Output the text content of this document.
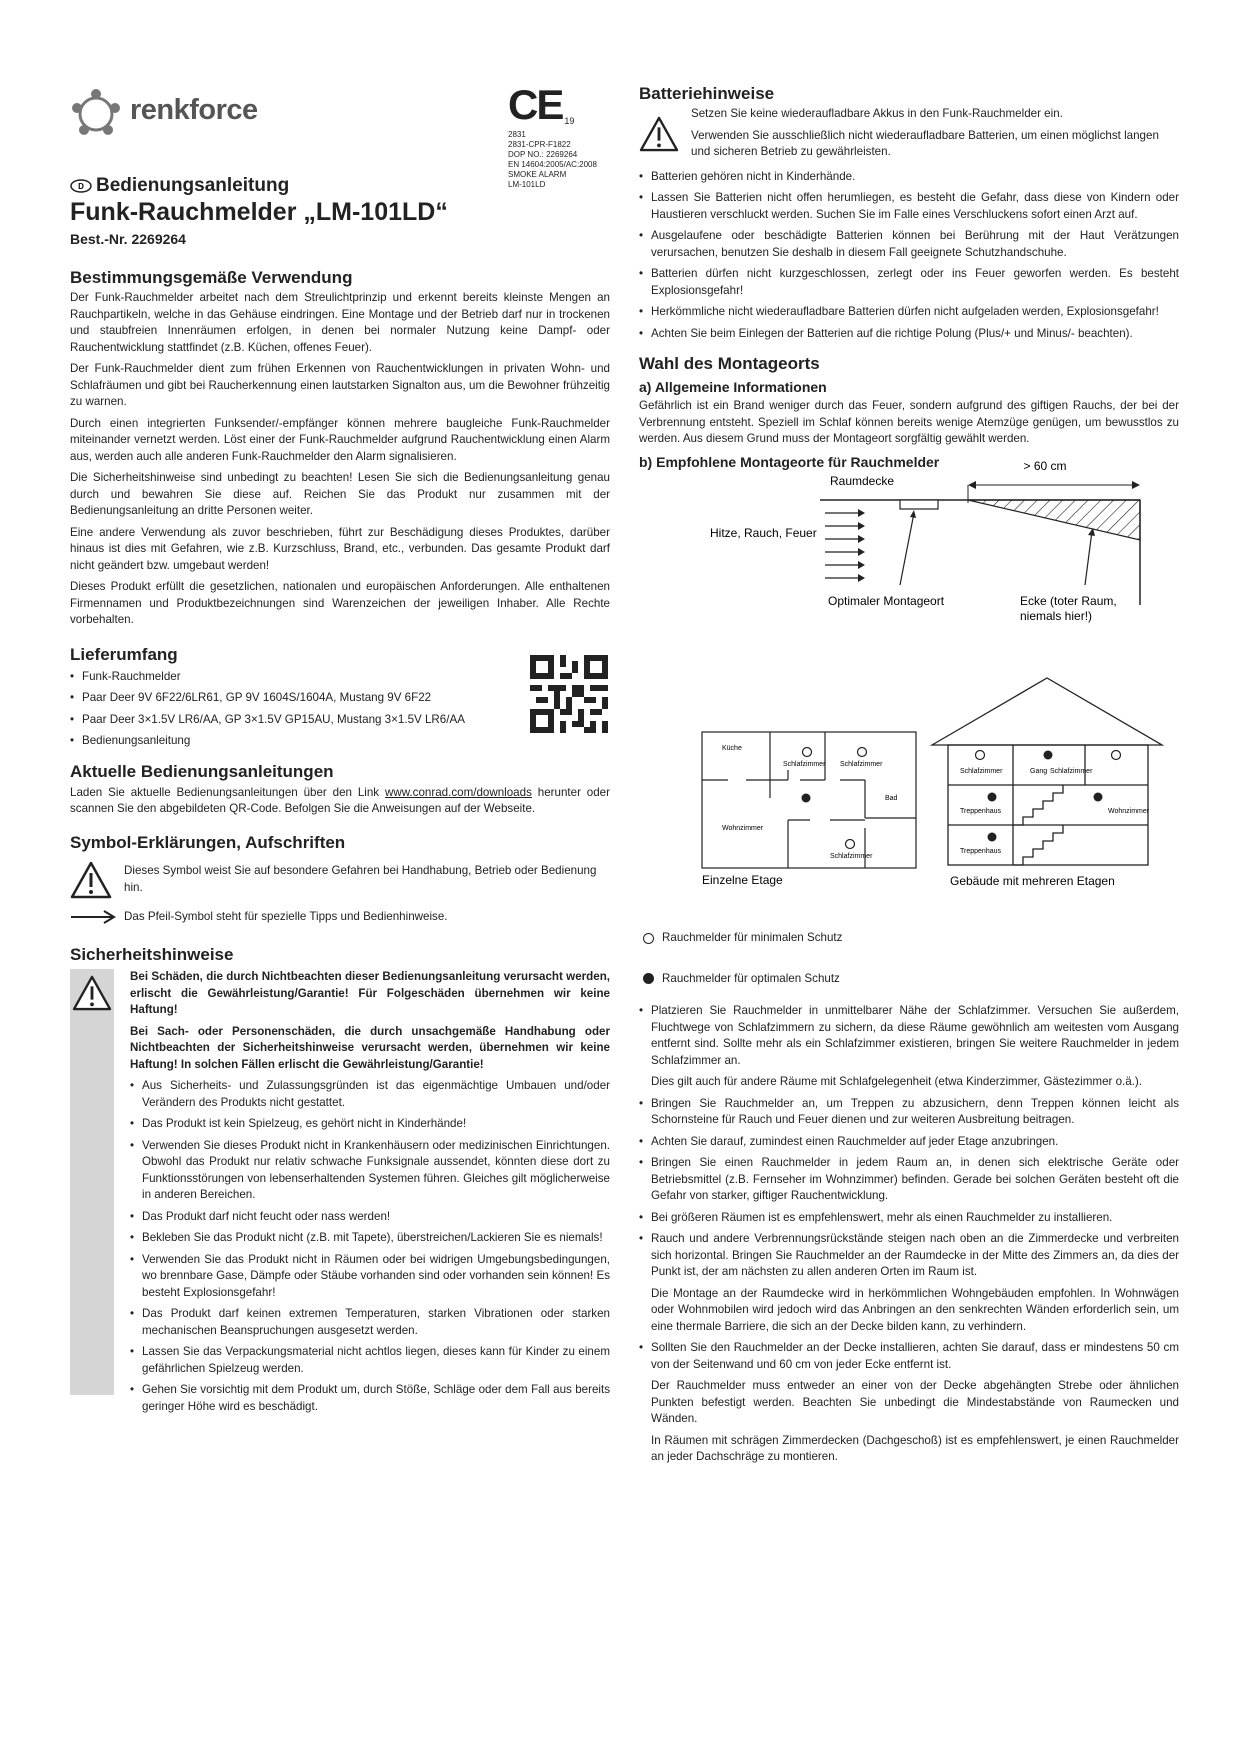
renkforce	CE 19
2831
2831-CPR-F1822
DOP NO.: 2269264
EN 14604:2005/AC:2008
SMOKE ALARM
LM-101LD
D Bedienungsanleitung
Funk-Rauchmelder „LM-101LD“
Best.-Nr. 2269264
Bestimmungsgemäße Verwendung

Der Funk-Rauchmelder arbeitet nach dem Streulichtprinzip und erkennt bereits kleinste Mengen an Rauchpartikeln, welche in das Gehäuse eindringen. Eine Montage und der Betrieb darf nur in trockenen und staubfreien Innenräumen erfolgen, in denen bei normaler Nutzung keine Dampf- oder Rauchentwicklung stattfindet (z.B. Küchen, offenes Feuer).

Der Funk-Rauchmelder dient zum frühen Erkennen von Rauchentwicklungen in privaten Wohn- und Schlafräumen und gibt bei Raucherkennung einen lautstarken Signalton aus, um die Bewohner frühzeitig zu warnen.

Durch einen integrierten Funksender/-empfänger können mehrere baugleiche Funk-Rauchmelder miteinander vernetzt werden. Löst einer der Funk-Rauchmelder aufgrund Rauchentwicklung einen Alarm aus, werden auch alle anderen Funk-Rauchmelder den Alarm signalisieren.

Die Sicherheitshinweise sind unbedingt zu beachten! Lesen Sie sich die Bedienungsanleitung genau durch und bewahren Sie diese auf. Reichen Sie das Produkt nur zusammen mit der Bedienungsanleitung an dritte Personen weiter.

Eine andere Verwendung als zuvor beschrieben, führt zur Beschädigung dieses Produktes, darüber hinaus ist dies mit Gefahren, wie z.B. Kurzschluss, Brand, etc., verbunden. Das gesamte Produkt darf nicht geändert bzw. umgebaut werden!

Dieses Produkt erfüllt die gesetzlichen, nationalen und europäischen Anforderungen. Alle enthaltenen Firmennamen und Produktbezeichnungen sind Warenzeichen der jeweiligen Inhaber. Alle Rechte vorbehalten.

Lieferumfang
• Funk-Rauchmelder
• Paar Deer 9V 6F22/6LR61, GP 9V 1604S/1604A, Mustang 9V 6F22
• Paar Deer 3×1.5V LR6/AA, GP 3×1.5V GP15AU, Mustang 3×1.5V LR6/AA
• Bedienungsanleitung
Aktuelle Bedienungsanleitungen

Laden Sie aktuelle Bedienungsanleitungen über den Link www.conrad.com/downloads herunter oder scannen Sie den abgebildeten QR-Code. Befolgen Sie die Anweisungen auf der Webseite.

Symbol-Erklärungen, Aufschriften
Dieses Symbol weist Sie auf besondere Gefahren bei Handhabung, Betrieb oder Bedienung hin.
Das Pfeil-Symbol steht für spezielle Tipps und Bedienhinweise.
Sicherheitshinweise

Bei Schäden, die durch Nichtbeachten dieser Bedienungsanleitung verursacht werden, erlischt die Gewährleistung/Garantie! Für Folgeschäden übernehmen wir keine Haftung!

Bei Sach- oder Personenschäden, die durch unsachgemäße Handhabung oder Nichtbeachten der Sicherheitshinweise verursacht werden, übernehmen wir keine Haftung! In solchen Fällen erlischt die Gewährleistung/Garantie!

• Aus Sicherheits- und Zulassungsgründen ist das eigenmächtige Umbauen und/oder Verändern des Produkts nicht gestattet.
• Das Produkt ist kein Spielzeug, es gehört nicht in Kinderhände!
• Verwenden Sie dieses Produkt nicht in Krankenhäusern oder medizinischen Einrichtungen. Obwohl das Produkt nur relativ schwache Funksignale aussendet, könnten diese dort zu Funktionsstörungen von lebenserhaltenden Systemen führen. Gleiches gilt möglicherweise in anderen Bereichen.
• Das Produkt darf nicht feucht oder nass werden!
• Bekleben Sie das Produkt nicht (z.B. mit Tapete), überstreichen/Lackieren Sie es niemals!
• Verwenden Sie das Produkt nicht in Räumen oder bei widrigen Umgebungsbedingungen, wo brennbare Gase, Dämpfe oder Stäube vorhanden sind oder vorhanden sein können! Es besteht Explosionsgefahr!
• Das Produkt darf keinen extremen Temperaturen, starken Vibrationen oder starken mechanischen Beanspruchungen ausgesetzt werden.
• Lassen Sie das Verpackungsmaterial nicht achtlos liegen, dieses kann für Kinder zu einem gefährlichen Spielzeug werden.
• Gehen Sie vorsichtig mit dem Produkt um, durch Stöße, Schläge oder dem Fall aus bereits geringer Höhe wird es beschädigt.
Batteriehinweise
Setzen Sie keine wiederaufladbare Akkus in den Funk-Rauchmelder ein.
Verwenden Sie ausschließlich nicht wiederaufladbare Batterien, um einen möglichst langen und sicheren Betrieb zu gewährleisten.
• Batterien gehören nicht in Kinderhände.
• Lassen Sie Batterien nicht offen herumliegen, es besteht die Gefahr, dass diese von Kindern oder Haustieren verschluckt werden. Suchen Sie im Falle eines Verschluckens sofort einen Arzt auf.
• Ausgelaufene oder beschädigte Batterien können bei Berührung mit der Haut Verätzungen verursachen, benutzen Sie deshalb in diesem Fall geeignete Schutzhandschuhe.
• Batterien dürfen nicht kurzgeschlossen, zerlegt oder ins Feuer geworfen werden. Es besteht Explosionsgefahr!
• Herkömmliche nicht wiederaufladbare Batterien dürfen nicht aufgeladen werden, Explosionsgefahr!
• Achten Sie beim Einlegen der Batterien auf die richtige Polung (Plus/+ und Minus/- beachten).
Wahl des Montageorts
a) Allgemeine Informationen

Gefährlich ist ein Brand weniger durch das Feuer, sondern aufgrund des giftigen Rauchs, der bei der Verbrennung entsteht. Speziell im Schlaf können bereits wenige Atemzüge genügen, um bewusstlos zu werden. Aus diesem Grund muss der Montageort sorgfältig gewählt werden.

b) Empfohlene Montageorte für Rauchmelder	> 60 cm
Raumdecke
Hitze, Rauch, Feuer
Optimaler Montageort	Ecke (toter Raum,
niemals hier!)
Küche
Schlafzimmer Schlafzimmer
Bad
Wohnzimmer
Schlafzimmer
Einzelne Etage
Schlafzimmer	Gang Schlafzimmer
Treppenhaus	Wohnzimmer
Treppenhaus
Gebäude mit mehreren Etagen
Rauchmelder für minimalen Schutz
Rauchmelder für optimalen Schutz
• Platzieren Sie Rauchmelder in unmittelbarer Nähe der Schlafzimmer. Versuchen Sie außerdem, Fluchtwege von Schlafzimmern zu sichern, da diese Räume gewöhnlich am weitesten vom Ausgang entfernt sind. Sollte mehr als ein Schlafzimmer existieren, bringen Sie weitere Rauchmelder in jedem Schlafzimmer an.

Dies gilt auch für andere Räume mit Schlafgelegenheit (etwa Kinderzimmer, Gästezimmer o.ä.).

• Bringen Sie Rauchmelder an, um Treppen zu abzusichern, denn Treppen können leicht als Schornsteine für Rauch und Feuer dienen und zur weiteren Ausbreitung beitragen.
• Achten Sie darauf, zumindest einen Rauchmelder auf jeder Etage anzubringen.
• Bringen Sie einen Rauchmelder in jedem Raum an, in denen sich elektrische Geräte oder Betriebsmittel (z.B. Fernseher im Wohnzimmer) befinden. Gerade bei solchen Geräten besteht oft die Gefahr von starker, giftiger Rauchentwicklung.
• Bei größeren Räumen ist es empfehlenswert, mehr als einen Rauchmelder zu installieren.
• Rauch und andere Verbrennungsrückstände steigen nach oben an die Zimmerdecke und verbreiten sich horizontal. Bringen Sie Rauchmelder an der Raumdecke in der Mitte des Zimmers an, da dies der Punkt ist, der am nächsten zu allen anderen Orten im Raum ist.

Die Montage an der Raumdecke wird in herkömmlichen Wohngebäuden empfohlen. In Wohnwägen oder Wohnmobilen wird jedoch wird das Anbringen an den senkrechten Wänden erforderlich sein, um eine thermale Barriere, die sich an der Decke bilden kann, zu verhindern.

• Sollten Sie den Rauchmelder an der Decke installieren, achten Sie darauf, dass er mindestens 50 cm von der Seitenwand und 60 cm von jeder Ecke entfernt ist.

Der Rauchmelder muss entweder an einer von der Decke abgehängten Strebe oder ähnlichen Punkten befestigt werden. Beachten Sie unbedingt die Mindestabstände von Raumecken und Wänden.

In Räumen mit schrägen Zimmerdecken (Dachgeschoß) ist es empfehlenswert, je einen Rauchmelder an jeder Dachschräge zu montieren.
